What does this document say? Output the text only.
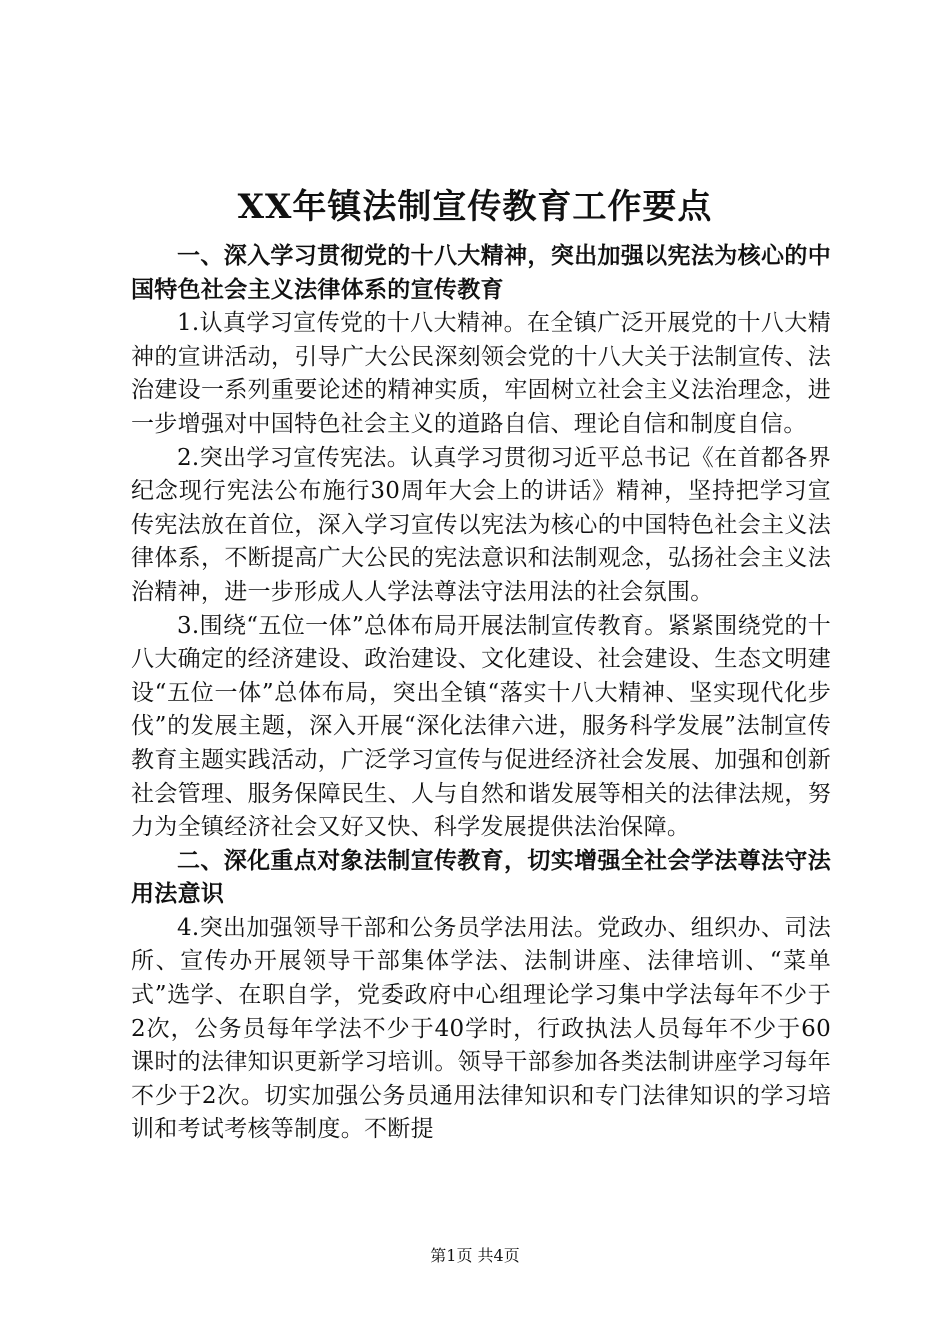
XX年镇法制宣传教育工作要点

一、深入学习贯彻党的十八大精神，突出加强以宪法为核心的中国特色社会主义法律体系的宣传教育

1.认真学习宣传党的十八大精神。在全镇广泛开展党的十八大精神的宣讲活动，引导广大公民深刻领会党的十八大关于法制宣传、法治建设一系列重要论述的精神实质，牢固树立社会主义法治理念，进一步增强对中国特色社会主义的道路自信、理论自信和制度自信。

2.突出学习宣传宪法。认真学习贯彻习近平总书记《在首都各界纪念现行宪法公布施行30周年大会上的讲话》精神，坚持把学习宣传宪法放在首位，深入学习宣传以宪法为核心的中国特色社会主义法律体系，不断提高广大公民的宪法意识和法制观念，弘扬社会主义法治精神，进一步形成人人学法尊法守法用法的社会氛围。

3.围绕“五位一体”总体布局开展法制宣传教育。紧紧围绕党的十八大确定的经济建设、政治建设、文化建设、社会建设、生态文明建设“五位一体”总体布局，突出全镇“落实十八大精神、坚实现代化步伐”的发展主题，深入开展“深化法律六进，服务科学发展”法制宣传教育主题实践活动，广泛学习宣传与促进经济社会发展、加强和创新社会管理、服务保障民生、人与自然和谐发展等相关的法律法规，努力为全镇经济社会又好又快、科学发展提供法治保障。

二、深化重点对象法制宣传教育，切实增强全社会学法尊法守法用法意识

4.突出加强领导干部和公务员学法用法。党政办、组织办、司法所、宣传办开展领导干部集体学法、法制讲座、法律培训、“菜单式”选学、在职自学，党委政府中心组理论学习集中学法每年不少于2次，公务员每年学法不少于40学时，行政执法人员每年不少于60课时的法律知识更新学习培训。领导干部参加各类法制讲座学习每年不少于2次。切实加强公务员通用法律知识和专门法律知识的学习培训和考试考核等制度。不断提

第1页 共4页
